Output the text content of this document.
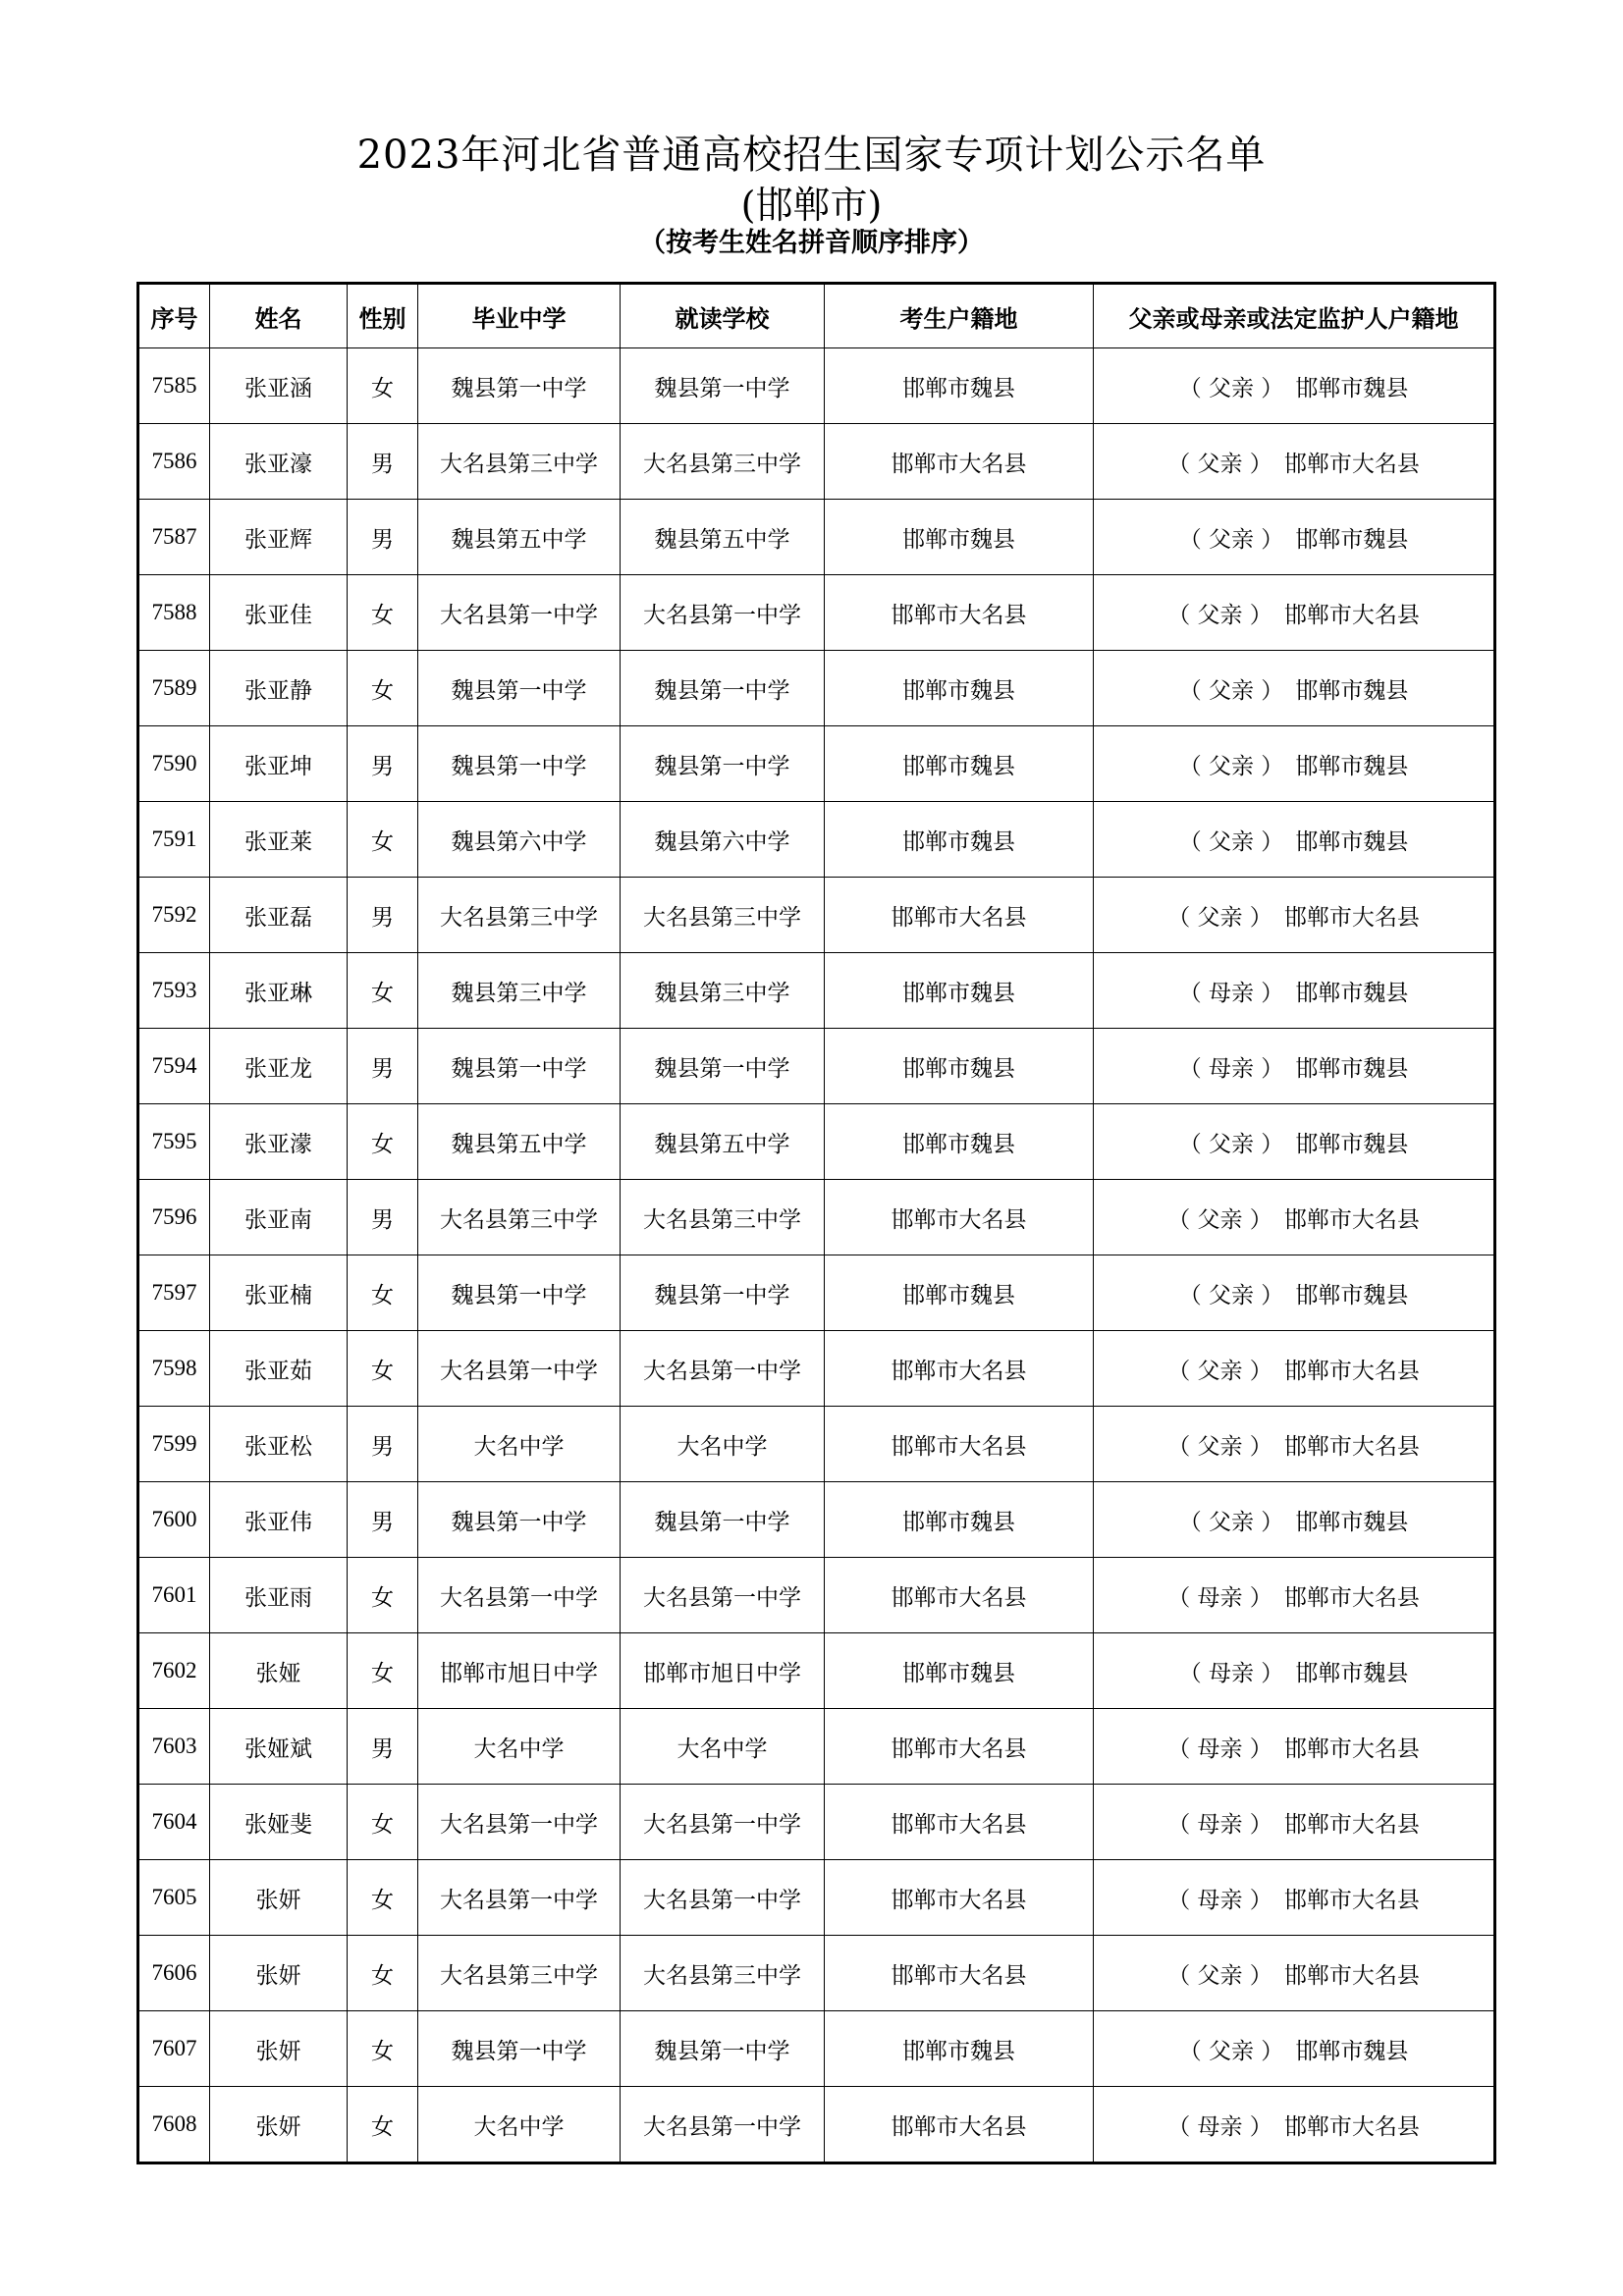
2023年河北省普通高校招生国家专项计划公示名单
(邯郸市)
（按考生姓名拼音顺序排序）
序号	姓名	性别	毕业中学	就读学校	考生户籍地	父亲或母亲或法定监护人户籍地
7585	张亚涵	女	魏县第一中学	魏县第一中学	邯郸市魏县	（ 父亲 ） 邯郸市魏县
7586	张亚濠	男	大名县第三中学	大名县第三中学	邯郸市大名县	（ 父亲 ） 邯郸市大名县
7587	张亚辉	男	魏县第五中学	魏县第五中学	邯郸市魏县	（ 父亲 ） 邯郸市魏县
7588	张亚佳	女	大名县第一中学	大名县第一中学	邯郸市大名县	（ 父亲 ） 邯郸市大名县
7589	张亚静	女	魏县第一中学	魏县第一中学	邯郸市魏县	（ 父亲 ） 邯郸市魏县
7590	张亚坤	男	魏县第一中学	魏县第一中学	邯郸市魏县	（ 父亲 ） 邯郸市魏县
7591	张亚莱	女	魏县第六中学	魏县第六中学	邯郸市魏县	（ 父亲 ） 邯郸市魏县
7592	张亚磊	男	大名县第三中学	大名县第三中学	邯郸市大名县	（ 父亲 ） 邯郸市大名县
7593	张亚琳	女	魏县第三中学	魏县第三中学	邯郸市魏县	（ 母亲 ） 邯郸市魏县
7594	张亚龙	男	魏县第一中学	魏县第一中学	邯郸市魏县	（ 母亲 ） 邯郸市魏县
7595	张亚濛	女	魏县第五中学	魏县第五中学	邯郸市魏县	（ 父亲 ） 邯郸市魏县
7596	张亚南	男	大名县第三中学	大名县第三中学	邯郸市大名县	（ 父亲 ） 邯郸市大名县
7597	张亚楠	女	魏县第一中学	魏县第一中学	邯郸市魏县	（ 父亲 ） 邯郸市魏县
7598	张亚茹	女	大名县第一中学	大名县第一中学	邯郸市大名县	（ 父亲 ） 邯郸市大名县
7599	张亚松	男	大名中学	大名中学	邯郸市大名县	（ 父亲 ） 邯郸市大名县
7600	张亚伟	男	魏县第一中学	魏县第一中学	邯郸市魏县	（ 父亲 ） 邯郸市魏县
7601	张亚雨	女	大名县第一中学	大名县第一中学	邯郸市大名县	（ 母亲 ） 邯郸市大名县
7602	张娅	女	邯郸市旭日中学	邯郸市旭日中学	邯郸市魏县	（ 母亲 ） 邯郸市魏县
7603	张娅斌	男	大名中学	大名中学	邯郸市大名县	（ 母亲 ） 邯郸市大名县
7604	张娅斐	女	大名县第一中学	大名县第一中学	邯郸市大名县	（ 母亲 ） 邯郸市大名县
7605	张妍	女	大名县第一中学	大名县第一中学	邯郸市大名县	（ 母亲 ） 邯郸市大名县
7606	张妍	女	大名县第三中学	大名县第三中学	邯郸市大名县	（ 父亲 ） 邯郸市大名县
7607	张妍	女	魏县第一中学	魏县第一中学	邯郸市魏县	（ 父亲 ） 邯郸市魏县
7608	张妍	女	大名中学	大名县第一中学	邯郸市大名县	（ 母亲 ） 邯郸市大名县
